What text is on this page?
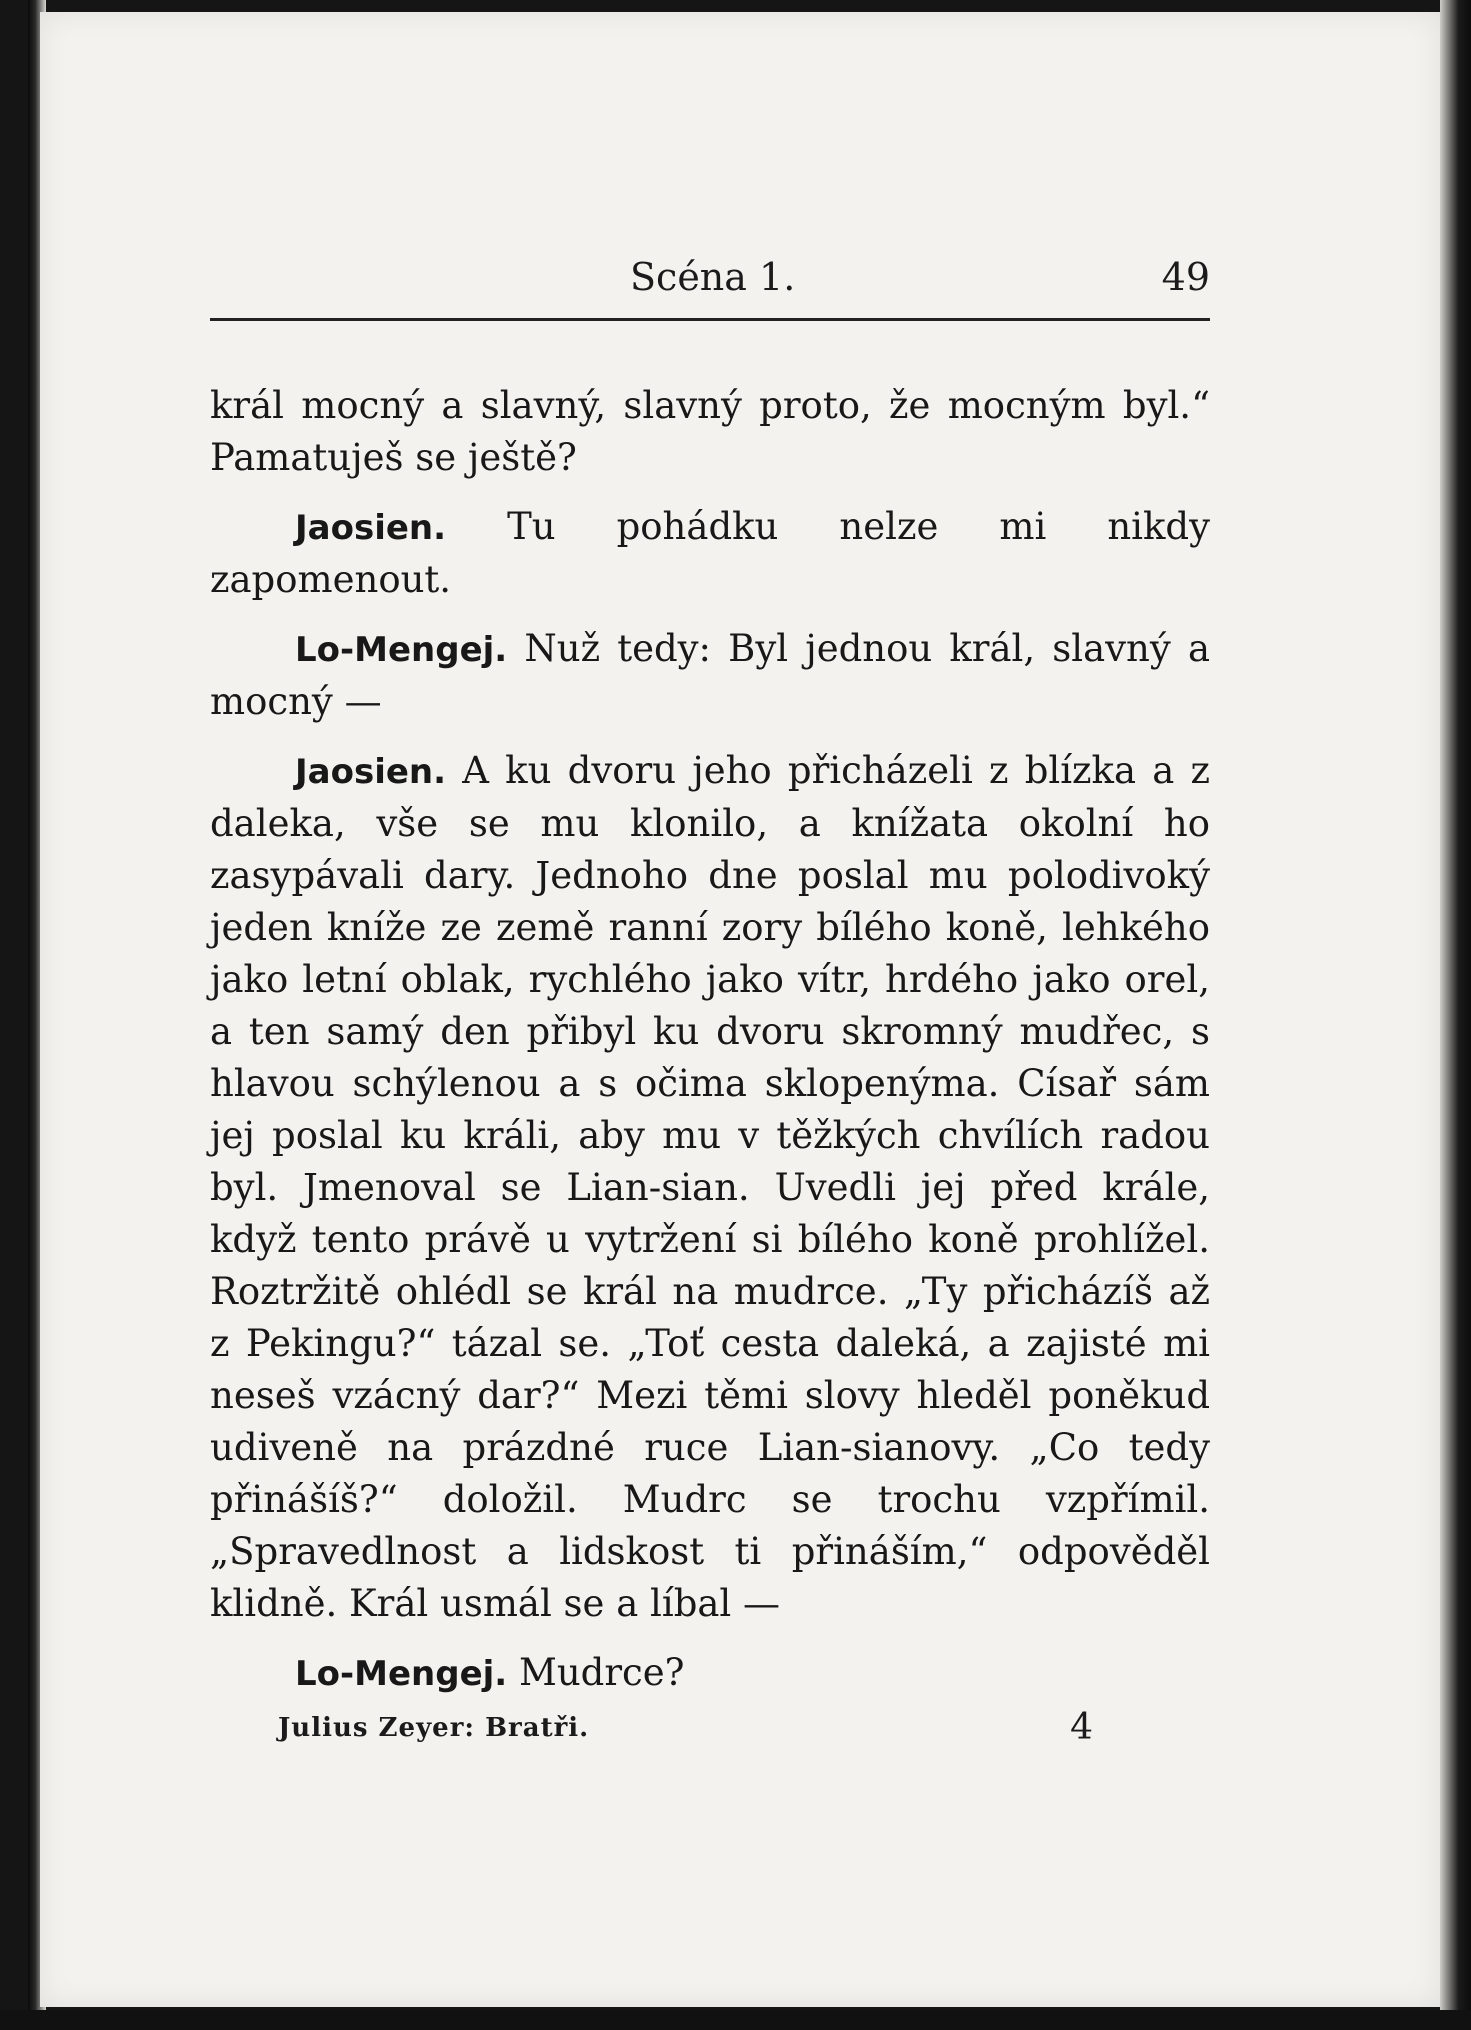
Scéna 1.	49

král mocný a slavný, slavný proto, že mocným byl.“ Pamatuješ se ještě?

Jaosien. Tu pohádku nelze mi nikdy zapomenout.

Lo-Mengej. Nuž tedy: Byl jednou král, slavný a mocný —

Jaosien. A ku dvoru jeho přicházeli z blízka a z daleka, vše se mu klonilo, a knížata okolní ho zasypávali dary. Jednoho dne poslal mu polodivoký jeden kníže ze země ranní zory bílého koně, lehkého jako letní oblak, rychlého jako vítr, hrdého jako orel, a ten samý den přibyl ku dvoru skromný mudřec, s hlavou schýlenou a s očima sklopenýma. Císař sám jej poslal ku králi, aby mu v těžkých chvílích radou byl. Jmenoval se Lian-sian. Uvedli jej před krále, když tento právě u vytržení si bílého koně prohlížel. Roztržitě ohlédl se král na mudrce. „Ty přicházíš až z Pekingu?“ tázal se. „Toť cesta daleká, a zajisté mi neseš vzácný dar?“ Mezi těmi slovy hleděl poněkud udiveně na prázdné ruce Lian-sianovy. „Co tedy přinášíš?“ doložil. Mudrc se trochu vzpřímil. „Spravedlnost a lidskost ti přináším,“ odpověděl klidně. Král usmál se a líbal —

Lo-Mengej. Mudrce?

Julius Zeyer: Bratři.	4
